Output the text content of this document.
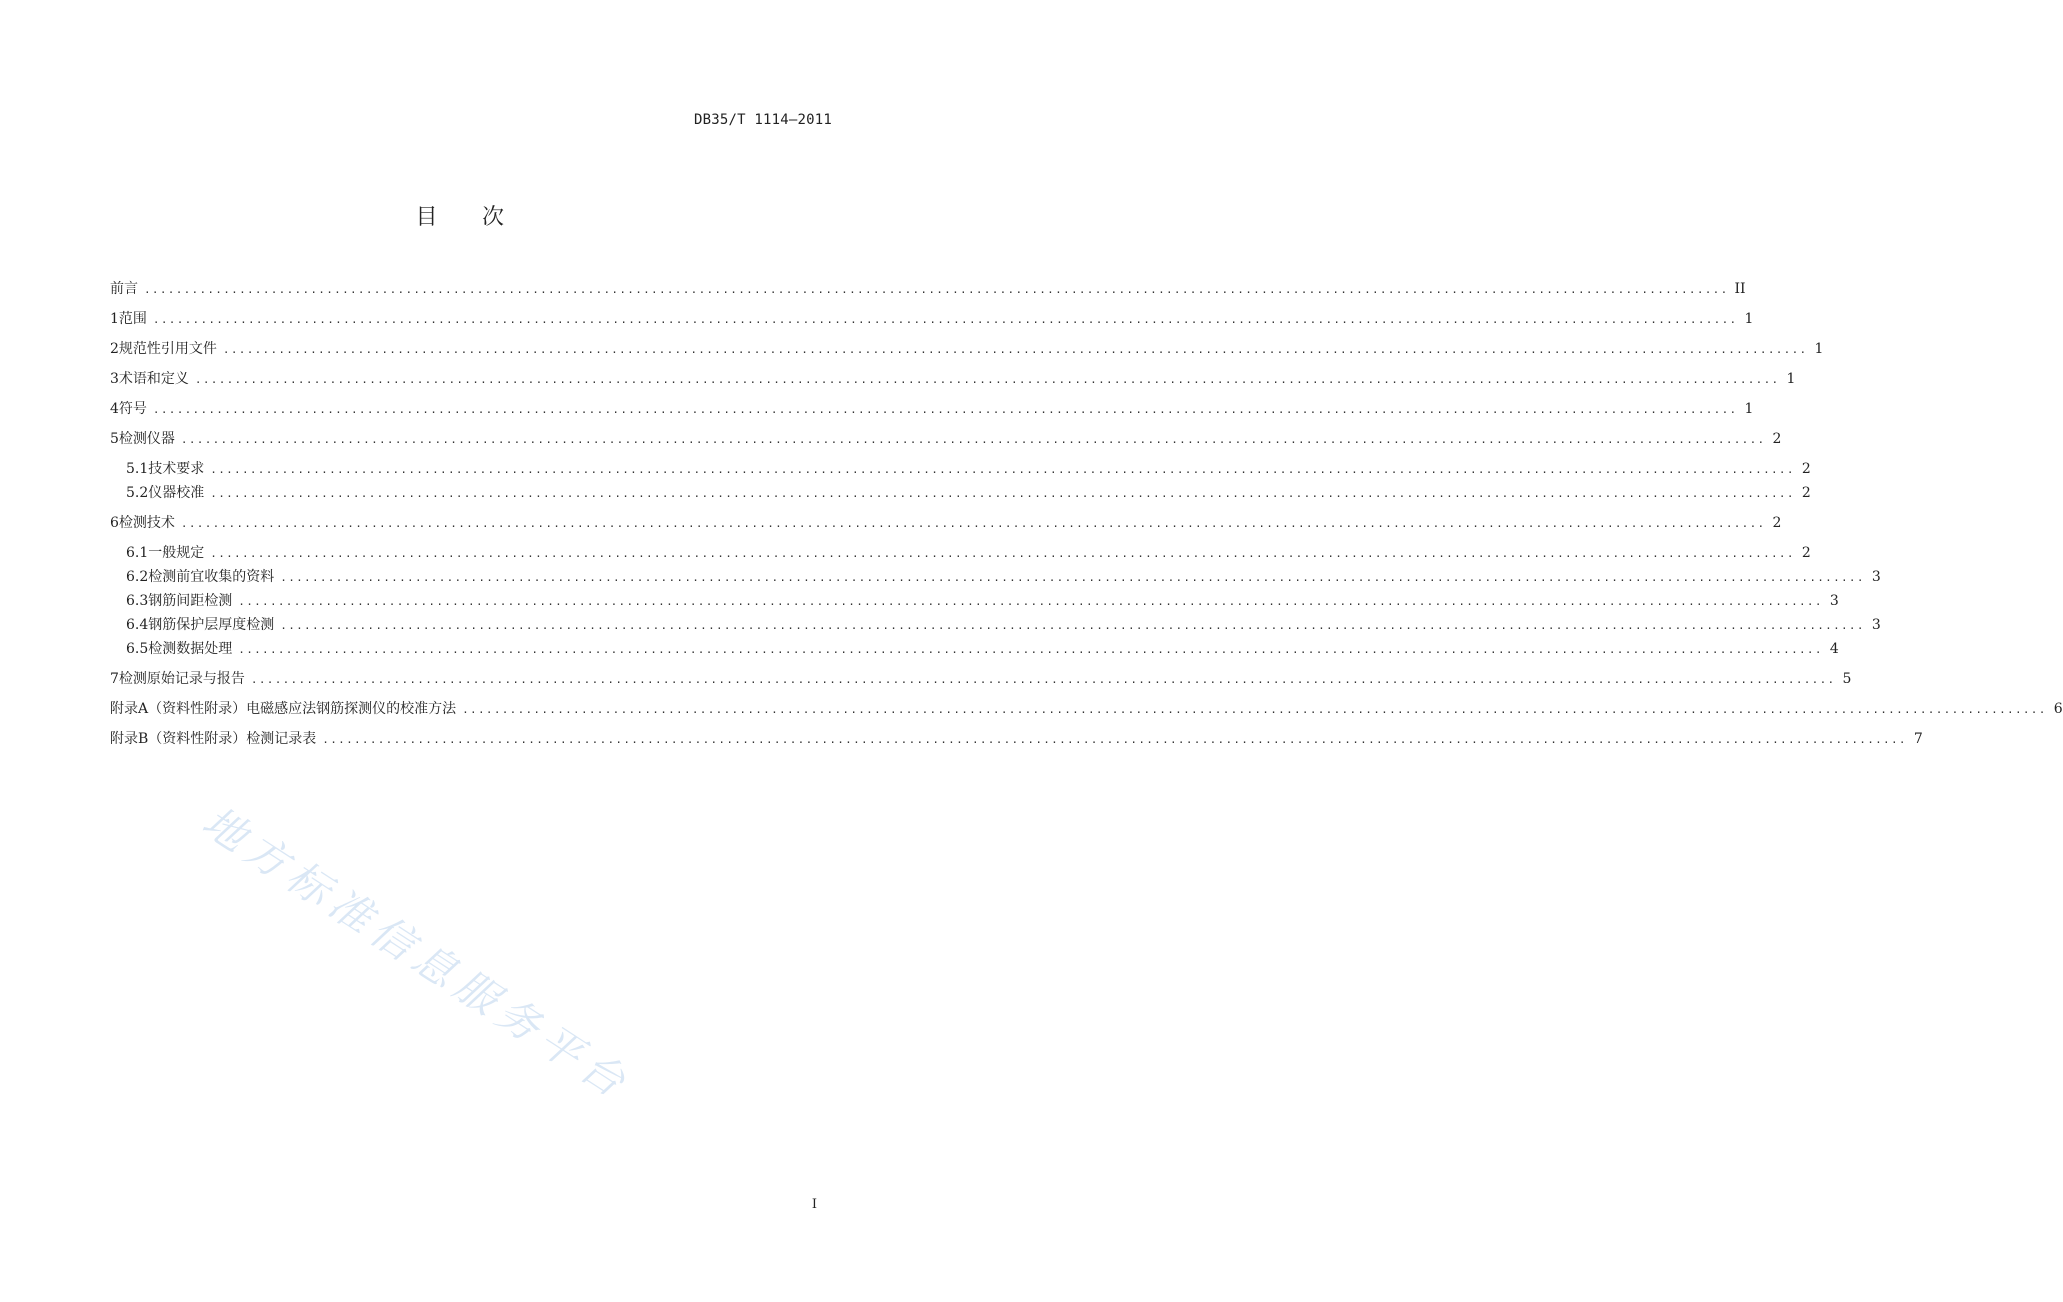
DB35/T 1114—2011
目 次
前言 ........................................................................................................................................................................................................ II
1 范围 ........................................................................................................................................................................................................ 1
2 规范性引用文件 ........................................................................................................................................................................................................ 1
3 术语和定义 ........................................................................................................................................................................................................ 1
4 符号 ........................................................................................................................................................................................................ 1
5 检测仪器 ........................................................................................................................................................................................................ 2
5.1 技术要求 ........................................................................................................................................................................................................ 2
5.2 仪器校准 ........................................................................................................................................................................................................ 2
6 检测技术 ........................................................................................................................................................................................................ 2
6.1 一般规定 ........................................................................................................................................................................................................ 2
6.2 检测前宜收集的资料 ........................................................................................................................................................................................................ 3
6.3 钢筋间距检测 ........................................................................................................................................................................................................ 3
6.4 钢筋保护层厚度检测 ........................................................................................................................................................................................................ 3
6.5 检测数据处理 ........................................................................................................................................................................................................ 4
7 检测原始记录与报告 ........................................................................................................................................................................................................ 5
附录A（资料性附录） 电磁感应法钢筋探测仪的校准方法 ........................................................................................................................................................................................................ 6
附录B（资料性附录） 检测记录表 ........................................................................................................................................................................................................ 7
地方标准信息服务平台
I
